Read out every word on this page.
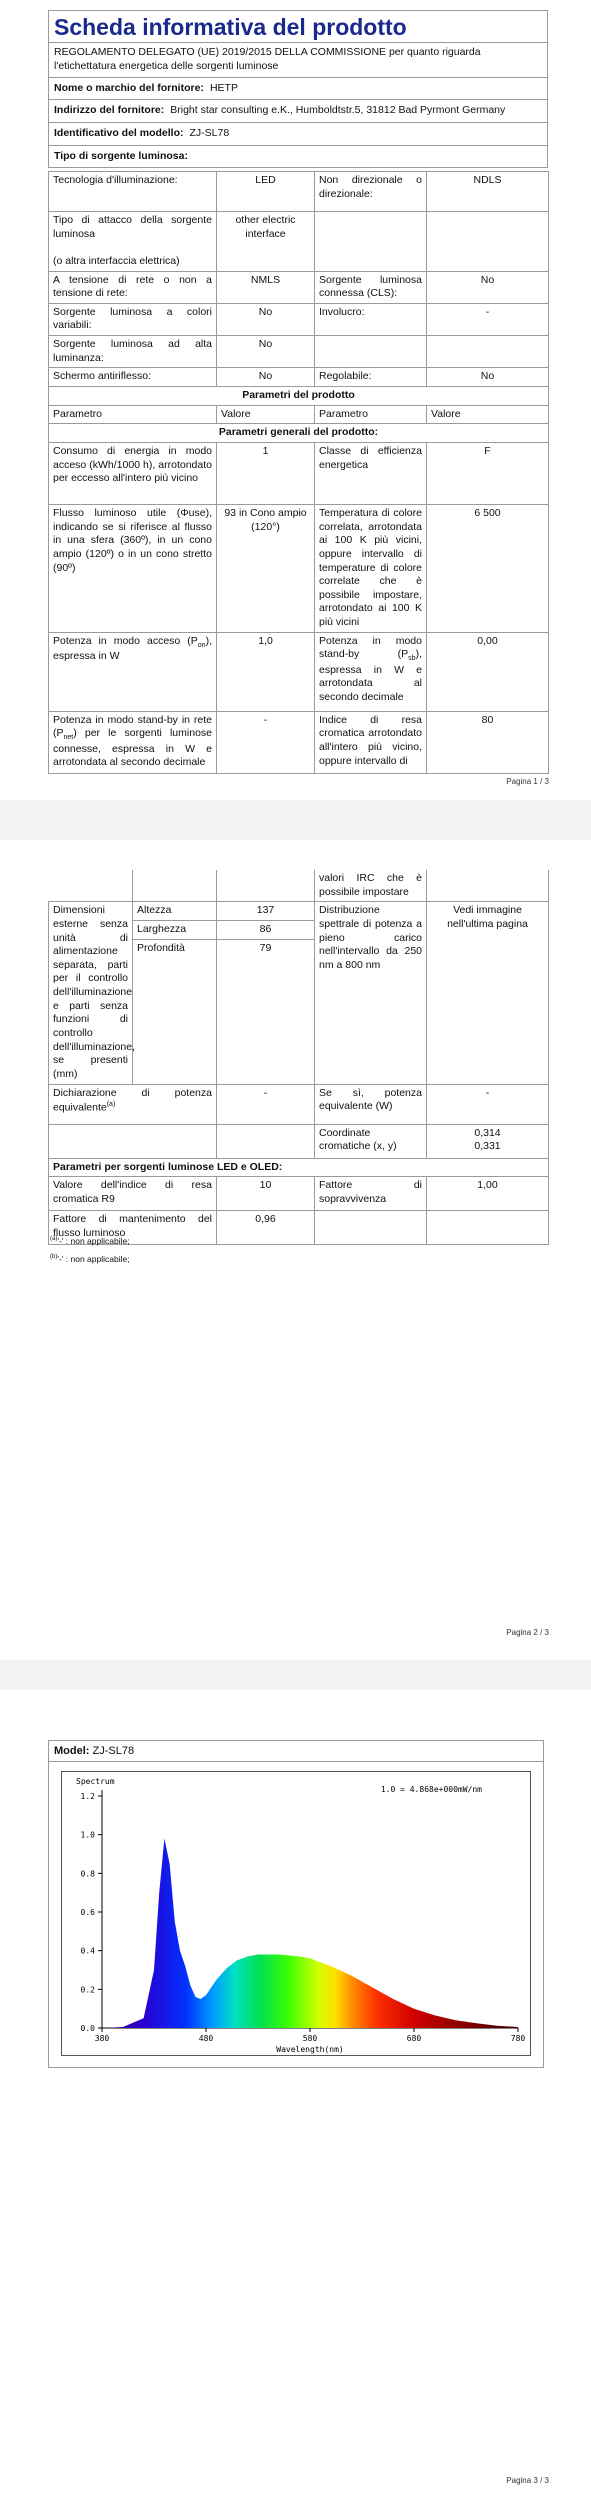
Scheda informativa del prodotto
REGOLAMENTO DELEGATO (UE) 2019/2015 DELLA COMMISSIONE per quanto riguarda l'etichettatura energetica delle sorgenti luminose
Nome o marchio del fornitore: HETP
Indirizzo del fornitore: Bright star consulting e.K., Humboldtstr.5, 31812 Bad Pyrmont Germany
Identificativo del modello: ZJ-SL78
Tipo di sorgente luminosa:
Tecnologia d'illuminazione:	LED	Non direzionale o direzionale:	NDLS
Tipo di attacco della sorgente luminosa

(o altra interfaccia elettrica)	other electric interface		
A tensione di rete o non a tensione di rete:	NMLS	Sorgente luminosa connessa (CLS):	No
Sorgente luminosa a colori variabili:	No	Involucro:	-
Sorgente luminosa ad alta luminanza:	No		
Schermo antiriflesso:	No	Regolabile:	No
Parametri del prodotto			
Parametro	Valore	Parametro	Valore
Parametri generali del prodotto:			
Consumo di energia in modo acceso (kWh/1000 h), arrotondato per eccesso all'intero più vicino	1	Classe di efficienza energetica	F
Flusso luminoso utile (Φuse), indicando se si riferisce al flusso in una sfera (360º), in un cono ampio (120º) o in un cono stretto (90º)	93 in Cono ampio (120°)	Temperatura di colore correlata, arrotondata ai 100 K più vicini, oppure intervallo di temperature di colore correlate che è possibile impostare, arrotondato ai 100 K più vicini	6 500
Potenza in modo acceso $(P_{on})$, espressa in W	1,0	Potenza in modo stand-by $(P_{sb})$, espressa in W e arrotondata al secondo decimale	0,00
Potenza in modo stand-by in rete $(P_{net})$ per le sorgenti luminose connesse, espressa in W e arrotondata al secondo decimale	-	Indice di resa cromatica arrotondato all'intero più vicino, oppure intervallo di	80
Pagina 1 / 3
			valori IRC che è possibile impostare	
Dimensioni esterne senza unità di alimentazione separata, parti per il controllo dell'illuminazione e parti senza funzioni di controllo dell'illuminazione, se presenti (mm)	Altezza	137	Distribuzione spettrale di potenza a pieno carico nell'intervallo da 250 nm a 800 nm	Vedi immagine nell'ultima pagina
	Larghezza	86		
	Profondità	79		
Dichiarazione di potenza equivalente$^{(a)}$		-	Se sì, potenza equivalente (W)	-
			Coordinate cromatiche (x, y)	0,314
0,331
Parametri per sorgenti luminose LED e OLED:				
Valore dell'indice di resa cromatica R9		10	Fattore di sopravvivenza	1,00
Fattore di mantenimento del flusso luminoso		0,96		
$^{(a)}$'-' : non applicabile;
$^{(b)}$'-' : non applicabile;
Pagina 2 / 3
Model: ZJ-SL78
0.0
0.2
0.4
0.6
0.8
1.0
1.2
380	480	580	680	780
Spectrum
1.0 = 4.868e+000mW/nm
Wavelength(nm)
Pagina 3 / 3
